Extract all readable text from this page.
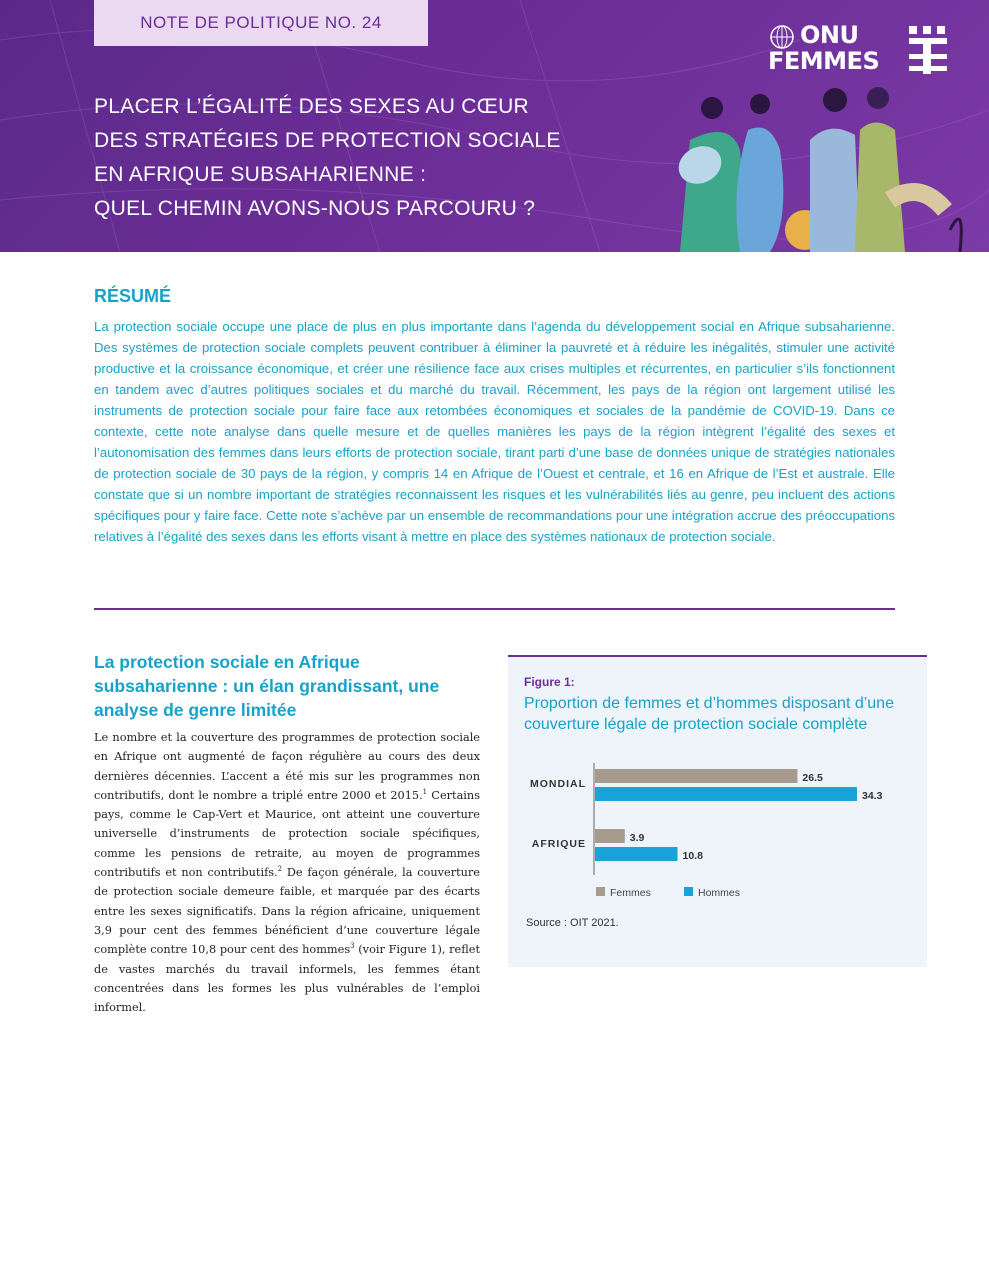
NOTE DE POLITIQUE NO. 24	ONU
FEMMES
PLACER L’ÉGALITÉ DES SEXES AU CŒUR
DES STRATÉGIES DE PROTECTION SOCIALE
EN AFRIQUE SUBSAHARIENNE :
QUEL CHEMIN AVONS-NOUS PARCOURU ?
RÉSUMÉ

La protection sociale occupe une place de plus en plus importante dans l’agenda du développement social en Afrique subsaharienne. Des systèmes de protection sociale complets peuvent contribuer à éliminer la pauvreté et à réduire les inégalités, stimuler une activité productive et la croissance économique, et créer une résilience face aux crises multiples et récurrentes, en particulier s’ils fonctionnent en tandem avec d’autres politiques sociales et du marché du travail. Récemment, les pays de la région ont largement utilisé les instruments de protection sociale pour faire face aux retombées économiques et sociales de la pandémie de COVID-19. Dans ce contexte, cette note analyse dans quelle mesure et de quelles manières les pays de la région intègrent l’égalité des sexes et l’autonomisation des femmes dans leurs efforts de protection sociale, tirant parti d’une base de données unique de stratégies nationales de protection sociale de 30 pays de la région, y compris 14 en Afrique de l’Ouest et centrale, et 16 en Afrique de l’Est et australe. Elle constate que si un nombre important de stratégies reconnaissent les risques et les vulnérabilités liés au genre, peu incluent des actions spécifiques pour y faire face. Cette note s’achève par un ensemble de recommandations pour une intégration accrue des préoccupations relatives à l’égalité des sexes dans les efforts visant à mettre en place des systèmes nationaux de protection sociale.

La protection sociale en Afrique subsaharienne : un élan grandissant, une analyse de genre limitée

Le nombre et la couverture des programmes de protection sociale en Afrique ont augmenté de façon régulière au cours des deux dernières décennies. L’accent a été mis sur les programmes non contributifs, dont le nombre a triplé entre 2000 et 2015.$^1$ Certains pays, comme le Cap-Vert et Maurice, ont atteint une couverture universelle d’instruments de protection sociale spécifiques, comme les pensions de retraite, au moyen de programmes contributifs et non contributifs.$^2$ De façon générale, la couverture de protection sociale demeure faible, et marquée par des écarts entre les sexes significatifs. Dans la région africaine, uniquement 3,9 pour cent des femmes bénéficient d’une couverture légale complète contre 10,8 pour cent des hommes$^3$ (voir Figure 1), reflet de vastes marchés du travail informels, les femmes étant concentrées dans les formes les plus vulnérables de l’emploi informel.

Figure 1:
Proportion de femmes et d’hommes disposant d’une couverture légale de protection sociale complète
MONDIAL	26.5
34.3
AFRIQUE	3.9
10.8
Femmes	Hommes
Source : OIT 2021.
